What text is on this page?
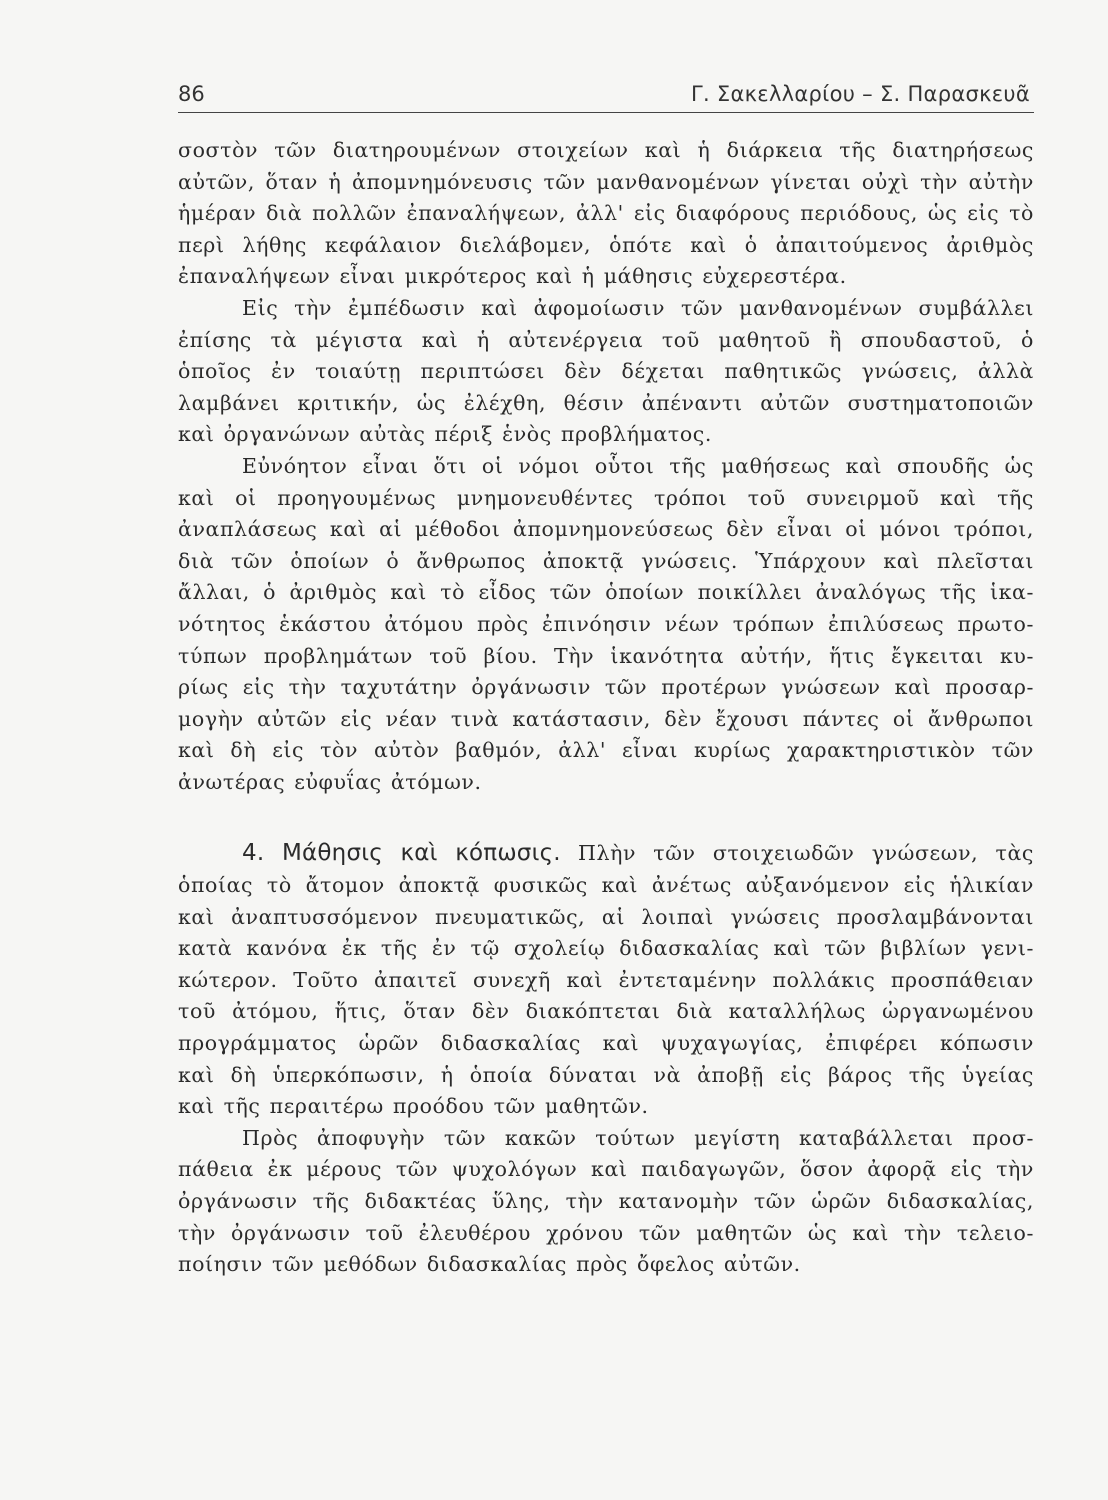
86	Γ. Σακελλαρίου – Σ. Παρασκευᾶ

σοστὸν τῶν διατηρουμένων στοιχείων καὶ ἡ διάρκεια τῆς διατηρήσεως

αὐτῶν, ὅταν ἡ ἀπομνημόνευσις τῶν μανθανομένων γίνεται οὐχὶ τὴν αὐτὴν

ἡμέραν διὰ πολλῶν ἐπαναλήψεων, ἀλλ' εἰς διαφόρους περιόδους, ὡς εἰς τὸ

περὶ λήθης κεφάλαιον διελάβομεν, ὁπότε καὶ ὁ ἀπαιτούμενος ἀριθμὸς

ἐπαναλήψεων εἶναι μικρότερος καὶ ἡ μάθησις εὐχερεστέρα.

Εἰς τὴν ἐμπέδωσιν καὶ ἀφομοίωσιν τῶν μανθανομένων συμβάλλει

ἐπίσης τὰ μέγιστα καὶ ἡ αὐτενέργεια τοῦ μαθητοῦ ἢ σπουδαστοῦ, ὁ

ὁποῖος ἐν τοιαύτῃ περιπτώσει δὲν δέχεται παθητικῶς γνώσεις, ἀλλὰ

λαμβάνει κριτικήν, ὡς ἐλέχθη, θέσιν ἀπέναντι αὐτῶν συστηματοποιῶν

καὶ ὀργανώνων αὐτὰς πέριξ ἑνὸς προβλήματος.

Εὐνόητον εἶναι ὅτι οἱ νόμοι οὗτοι τῆς μαθήσεως καὶ σπουδῆς ὡς

καὶ οἱ προηγουμένως μνημονευθέντες τρόποι τοῦ συνειρμοῦ καὶ τῆς

ἀναπλάσεως καὶ αἱ μέθοδοι ἀπομνημονεύσεως δὲν εἶναι οἱ μόνοι τρόποι,

διὰ τῶν ὁποίων ὁ ἄνθρωπος ἀποκτᾷ γνώσεις. Ὑπάρχουν καὶ πλεῖσται

ἄλλαι, ὁ ἀριθμὸς καὶ τὸ εἶδος τῶν ὁποίων ποικίλλει ἀναλόγως τῆς ἱκα-

νότητος ἑκάστου ἀτόμου πρὸς ἐπινόησιν νέων τρόπων ἐπιλύσεως πρωτο-

τύπων προβλημάτων τοῦ βίου. Τὴν ἱκανότητα αὐτήν, ἥτις ἔγκειται κυ-

ρίως εἰς τὴν ταχυτάτην ὀργάνωσιν τῶν προτέρων γνώσεων καὶ προσαρ-

μογὴν αὐτῶν εἰς νέαν τινὰ κατάστασιν, δὲν ἔχουσι πάντες οἱ ἄνθρωποι

καὶ δὴ εἰς τὸν αὐτὸν βαθμόν, ἀλλ' εἶναι κυρίως χαρακτηριστικὸν τῶν

ἀνωτέρας εὐφυΐας ἀτόμων.

4. Μάθησις καὶ κόπωσις. Πλὴν τῶν στοιχειωδῶν γνώσεων, τὰς

ὁποίας τὸ ἄτομον ἀποκτᾷ φυσικῶς καὶ ἀνέτως αὐξανόμενον εἰς ἡλικίαν

καὶ ἀναπτυσσόμενον πνευματικῶς, αἱ λοιπαὶ γνώσεις προσλαμβάνονται

κατὰ κανόνα ἐκ τῆς ἐν τῷ σχολείῳ διδασκαλίας καὶ τῶν βιβλίων γενι-

κώτερον. Τοῦτο ἀπαιτεῖ συνεχῆ καὶ ἐντεταμένην πολλάκις προσπάθειαν

τοῦ ἀτόμου, ἥτις, ὅταν δὲν διακόπτεται διὰ καταλλήλως ὠργανωμένου

προγράμματος ὡρῶν διδασκαλίας καὶ ψυχαγωγίας, ἐπιφέρει κόπωσιν

καὶ δὴ ὑπερκόπωσιν, ἡ ὁποία δύναται νὰ ἀποβῇ εἰς βάρος τῆς ὑγείας

καὶ τῆς περαιτέρω προόδου τῶν μαθητῶν.

Πρὸς ἀποφυγὴν τῶν κακῶν τούτων μεγίστη καταβάλλεται προσ-

πάθεια ἐκ μέρους τῶν ψυχολόγων καὶ παιδαγωγῶν, ὅσον ἀφορᾷ εἰς τὴν

ὀργάνωσιν τῆς διδακτέας ὕλης, τὴν κατανομὴν τῶν ὡρῶν διδασκαλίας,

τὴν ὀργάνωσιν τοῦ ἐλευθέρου χρόνου τῶν μαθητῶν ὡς καὶ τὴν τελειο-

ποίησιν τῶν μεθόδων διδασκαλίας πρὸς ὄφελος αὐτῶν.
